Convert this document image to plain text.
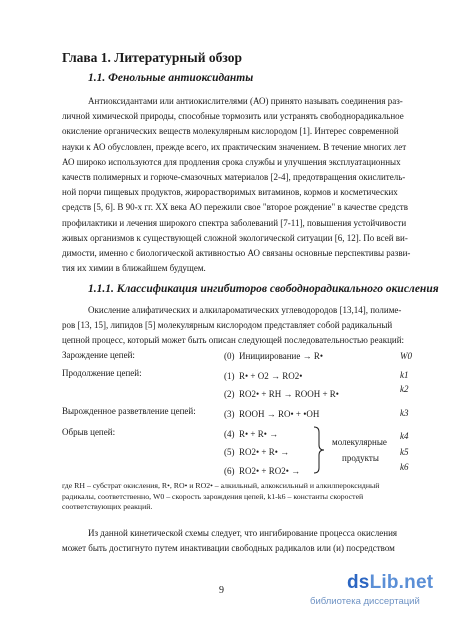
Глава 1. Литературный обзор
1.1. Фенольные антиоксиданты
Антиоксидантами или антиокислителями (АО) принято называть соединения раз-
личной химической природы, способные тормозить или устранять свободнорадикальное
окисление органических веществ молекулярным кислородом [1]. Интерес современной
науки к АО обусловлен, прежде всего, их практическим значением. В течение многих лет
АО широко используются для продления срока службы и улучшения эксплуатационных
качеств полимерных и горюче-смазочных материалов [2-4], предотвращения окислитель-
ной порчи пищевых продуктов, жирорастворимых витаминов, кормов и косметических
средств [5, 6]. В 90-х гг. XX века АО пережили свое "второе рождение" в качестве средств
профилактики и лечения широкого спектра заболеваний [7-11], повышения устойчивости
живых организмов к существующей сложной экологической ситуации [6, 12]. По всей ви-
димости, именно с биологической активностью АО связаны основные перспективы разви-
тия их химии в ближайшем будущем.
1.1.1. Классификация ингибиторов свободнорадикального окисления
Окисление алифатических и алкилароматических углеводородов [13,14], полиме-
ров [13, 15], липидов [5] молекулярным кислородом представляет собой радикальный
цепной процесс, который может быть описан следующей последовательностью реакций:
Зарождение цепей:
Продолжение цепей:
Вырожденное разветвление цепей:
Обрыв цепей:
(0) Инициирование → R•
(1) R• + O2 → RO2•
(2) RO2• + RH → ROOH + R•
(3) ROOH → RO• + •OH
(4) R• + R• →
(5) RO2• + R• →
(6) RO2• + RO2• →
молекулярные
продукты
W0
k1
k2
k3
k4
k5
k6
где RH – субстрат окисления, R•, RO• и RO2• – алкильный, алкоксильный и алкилпероксидный
радикалы, соответственно, W0 – скорость зарождения цепей, k1-k6 – константы скоростей
соответствующих реакций.
Из данной кинетической схемы следует, что ингибирование процесса окисления
может быть достигнуто путем инактивации свободных радикалов или (и) посредством
9	dsLib.net
библиотека диссертаций
